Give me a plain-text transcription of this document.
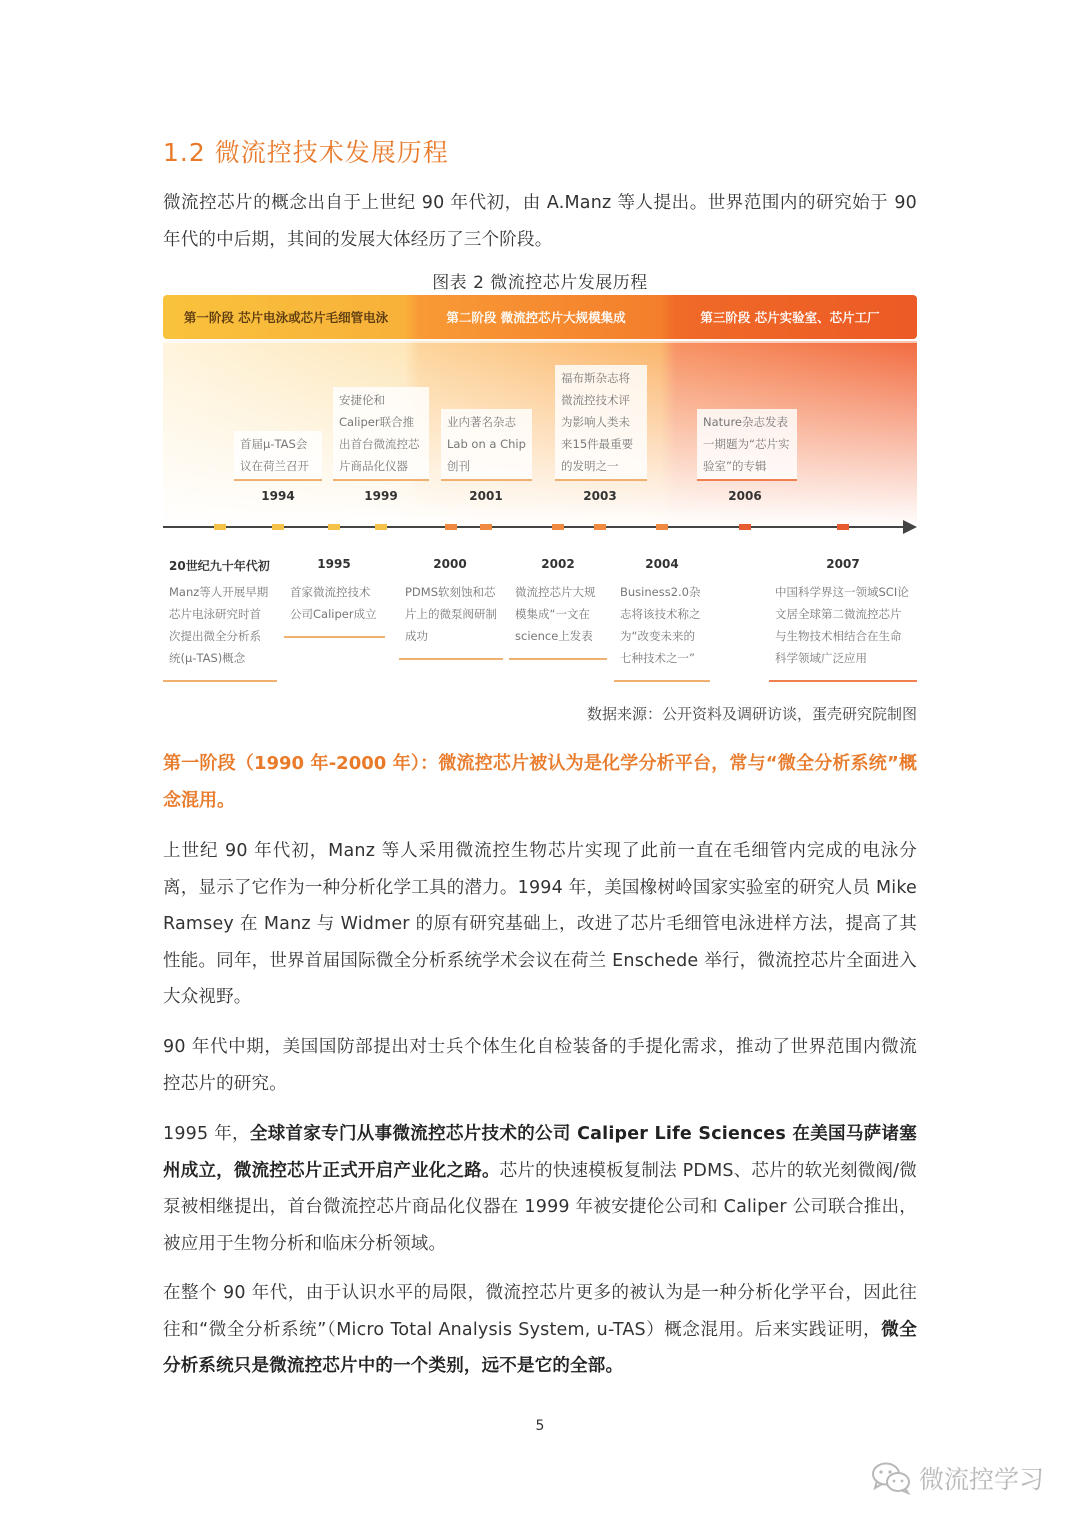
1.2 微流控技术发展历程
微流控芯片的概念出自于上世纪 90 年代初，由 A.Manz 等人提出。世界范围内的研究始于 90 年代的中后期，其间的发展大体经历了三个阶段。
图表 2 微流控芯片发展历程
第一阶段 芯片电泳或芯片毛细管电泳	第二阶段 微流控芯片大规模集成	第三阶段 芯片实验室、芯片工厂
首届μ-TAS会议在荷兰召开
1994
安捷伦和Caliper联合推出首台微流控芯片商品化仪器
1999
业内著名杂志Lab on a Chip创刊
2001
福布斯杂志将微流控技术评为影响人类未来15件最重要的发明之一
2003
Nature杂志发表一期题为“芯片实验室”的专辑
2006
20世纪九十年代初	1995	2000	2002	2004	2007
Manz等人开展早期芯片电泳研究时首次提出微全分析系统(μ-TAS)概念
首家微流控技术公司Caliper成立
PDMS软刻蚀和芯片上的微泵阀研制成功
微流控芯片大规模集成“一文在science上发表
Business2.0杂志将该技术称之为“改变未来的七种技术之一”
中国科学界这一领域SCI论文居全球第二微流控芯片与生物技术相结合在生命科学领域广泛应用
数据来源：公开资料及调研访谈，蛋壳研究院制图
第一阶段（1990 年-2000 年）：微流控芯片被认为是化学分析平台，常与“微全分析系统”概念混用。
上世纪 90 年代初，Manz 等人采用微流控生物芯片实现了此前一直在毛细管内完成的电泳分离，显示了它作为一种分析化学工具的潜力。1994 年，美国橡树岭国家实验室的研究人员 Mike Ramsey 在 Manz 与 Widmer 的原有研究基础上，改进了芯片毛细管电泳进样方法，提高了其性能。同年，世界首届国际微全分析系统学术会议在荷兰 Enschede 举行，微流控芯片全面进入大众视野。
90 年代中期，美国国防部提出对士兵个体生化自检装备的手提化需求，推动了世界范围内微流控芯片的研究。
1995 年，全球首家专门从事微流控芯片技术的公司 Caliper Life Sciences 在美国马萨诸塞州成立，微流控芯片正式开启产业化之路。芯片的快速模板复制法 PDMS、芯片的软光刻微阀/微泵被相继提出，首台微流控芯片商品化仪器在 1999 年被安捷伦公司和 Caliper 公司联合推出，被应用于生物分析和临床分析领域。
在整个 90 年代，由于认识水平的局限，微流控芯片更多的被认为是一种分析化学平台，因此往往和“微全分析系统”（Micro Total Analysis System, u-TAS）概念混用。后来实践证明，微全分析系统只是微流控芯片中的一个类别，远不是它的全部。
5
微流控学习
